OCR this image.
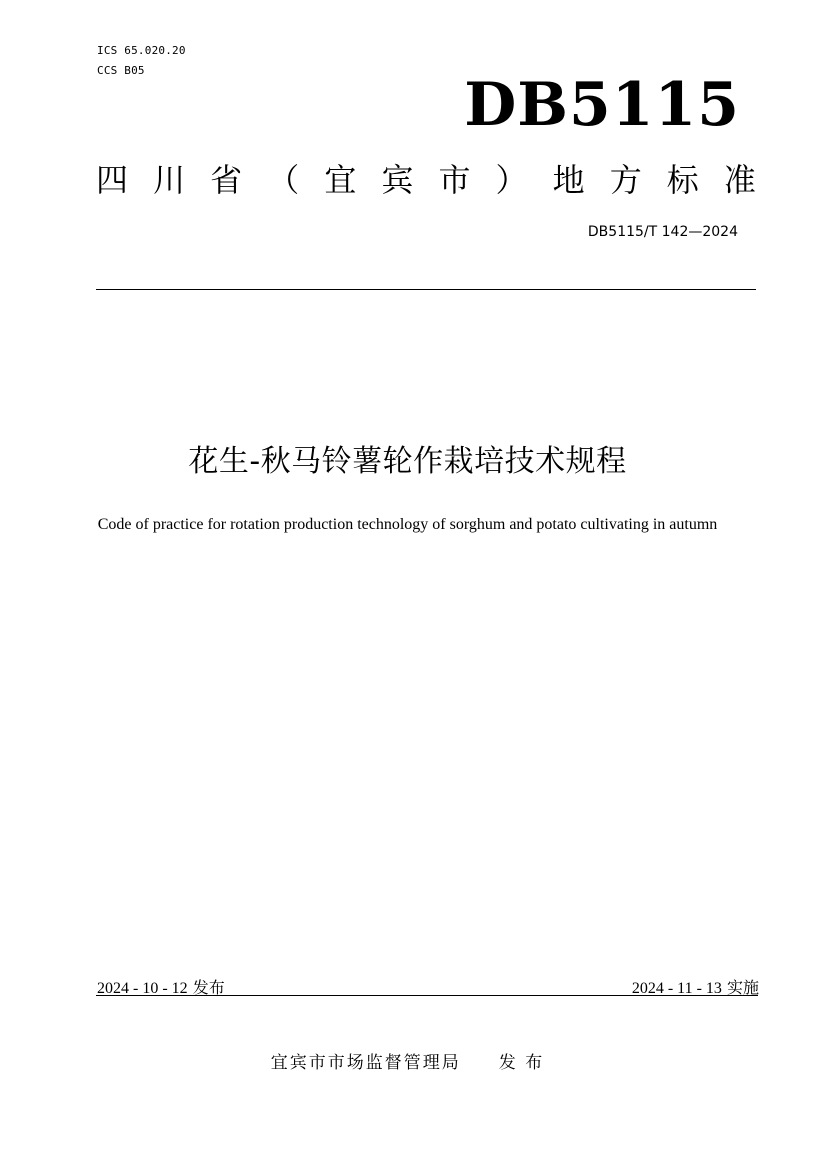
ICS 65.020.20
CCS B05	DB5115
四 川 省 （ 宜 宾 市 ） 地 方 标 准
DB5115/T 142—2024
花生-秋马铃薯轮作栽培技术规程
Code of practice for rotation production technology of sorghum and potato cultivating in autumn
2024 - 10 - 12 发布	2024 - 11 - 13 实施
宜宾市市场监督管理局 发 布
